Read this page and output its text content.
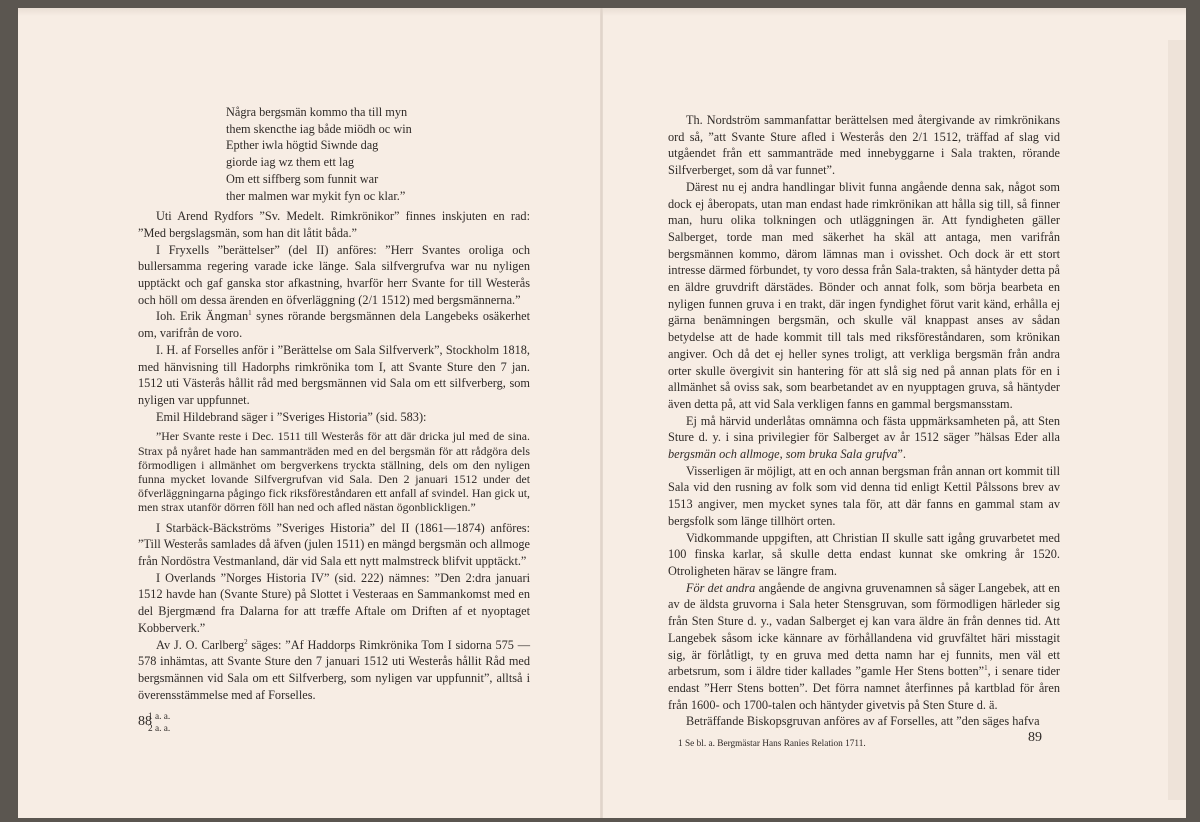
Några bergsmän kommo tha till myn
them skencthe iag både miödh oc win
Epther iwla högtid Siwnde dag
giorde iag wz them ett lag
Om ett siffberg som funnit war
ther malmen war mykit fyn oc klar.”

Uti Arend Rydfors ”Sv. Medelt. Rimkrönikor” finnes inskjuten en rad: ”Med bergslagsmän, som han dit låtit båda.”

I Fryxells ”berättelser” (del II) anföres: ”Herr Svantes oroliga och bullersamma regering varade icke länge. Sala silfvergrufva war nu nyligen upptäckt och gaf ganska stor afkastning, hvarför herr Svante for till Westerås och höll om dessa ärenden en öfverläggning (2/1 1512) med bergsmännerna.”

Ioh. Erik Ängman$^1$ synes rörande bergsmännen dela Langebeks osäkerhet om, varifrån de voro.

I. H. af Forselles anför i ”Berättelse om Sala Silfververk”, Stockholm 1818, med hänvisning till Hadorphs rimkrönika tom I, att Svante Sture den 7 jan. 1512 uti Västerås hållit råd med bergsmännen vid Sala om ett silfverberg, som nyligen var uppfunnet.

Emil Hildebrand säger i ”Sveriges Historia” (sid. 583):

”Her Svante reste i Dec. 1511 till Westerås för att där dricka jul med de sina. Strax på nyåret hade han sammanträden med en del bergsmän för att rådgöra dels förmodligen i allmänhet om bergverkens tryckta ställning, dels om den nyligen funna mycket lovande Silfvergrufvan vid Sala. Den 2 januari 1512 under det öfverläggningarna pågingo fick riksföreståndaren ett anfall af svindel. Han gick ut, men strax utanför dörren föll han ned och afled nästan ögonblickligen.”

I Starbäck-Bäckströms ”Sveriges Historia” del II (1861—1874) anföres: ”Till Westerås samlades då äfven (julen 1511) en mängd bergsmän och allmoge från Nordöstra Vestmanland, där vid Sala ett nytt malmstreck blifvit upptäckt.”

I Overlands ”Norges Historia IV” (sid. 222) nämnes: ”Den 2:dra januari 1512 havde han (Svante Sture) på Slottet i Vesteraas en Sammankomst med en del Bjergmænd fra Dalarna for att træffe Aftale om Driften af et nyoptaget Kobberverk.”

Av J. O. Carlberg$^2$ säges: ”Af Haddorps Rimkrönika Tom I sidorna 575 —578 inhämtas, att Svante Sture den 7 januari 1512 uti Westerås hållit Råd med bergsmännen vid Sala om ett Silfverberg, som nyligen var uppfunnit”, alltså i överensstämmelse med af Forselles.

1 a. a.
2 a. a.
88

Th. Nordström sammanfattar berättelsen med återgivande av rimkrönikans ord så, ”att Svante Sture afled i Westerås den 2/1 1512, träffad af slag vid utgåendet från ett sammanträde med innebyggarne i Sala trakten, rörande Silfverberget, som då var funnet”.

Därest nu ej andra handlingar blivit funna angående denna sak, något som dock ej åberopats, utan man endast hade rimkrönikan att hålla sig till, så finner man, huru olika tolkningen och utläggningen är. Att fyndigheten gäller Salberget, torde man med säkerhet ha skäl att antaga, men varifrån bergsmännen kommo, därom lämnas man i ovisshet. Och dock är ett stort intresse därmed förbundet, ty voro dessa från Sala-trakten, så häntyder detta på en äldre gruvdrift därstädes. Bönder och annat folk, som börja bearbeta en nyligen funnen gruva i en trakt, där ingen fyndighet förut varit känd, erhålla ej gärna benämningen bergsmän, och skulle väl knappast anses av sådan betydelse att de hade kommit till tals med riksföreståndaren, som krönikan angiver. Och då det ej heller synes troligt, att verkliga bergsmän från andra orter skulle övergivit sin hantering för att slå sig ned på annan plats för en i allmänhet så oviss sak, som bearbetandet av en nyupptagen gruva, så häntyder även detta på, att vid Sala verkligen fanns en gammal bergsmansstam.

Ej må härvid underlåtas omnämna och fästa uppmärksamheten på, att Sten Sture d. y. i sina privilegier för Salberget av år 1512 säger ”hälsas Eder alla bergsmän och allmoge, som bruka Sala grufva”.

Visserligen är möjligt, att en och annan bergsman från annan ort kommit till Sala vid den rusning av folk som vid denna tid enligt Kettil Pålssons brev av 1513 angiver, men mycket synes tala för, att där fanns en gammal stam av bergsfolk som länge tillhört orten.

Vidkommande uppgiften, att Christian II skulle satt igång gruvarbetet med 100 finska karlar, så skulle detta endast kunnat ske omkring år 1520. Otroligheten härav se längre fram.

För det andra angående de angivna gruvenamnen så säger Langebek, att en av de äldsta gruvorna i Sala heter Stensgruvan, som förmodligen härleder sig från Sten Sture d. y., vadan Salberget ej kan vara äldre än från dennes tid. Att Langebek såsom icke kännare av förhållandena vid gruvfältet häri misstagit sig, är förlåtligt, ty en gruva med detta namn har ej funnits, men väl ett arbetsrum, som i äldre tider kallades ”gamle Her Stens botten”$^1$, i senare tider endast ”Herr Stens botten”. Det förra namnet återfinnes på kartblad för åren från 1600- och 1700-talen och häntyder givetvis på Sten Sture d. ä.

Beträffande Biskopsgruvan anföres av af Forselles, att ”den säges hafva

1 Se bl. a. Bergmästar Hans Ranies Relation 1711.	89
